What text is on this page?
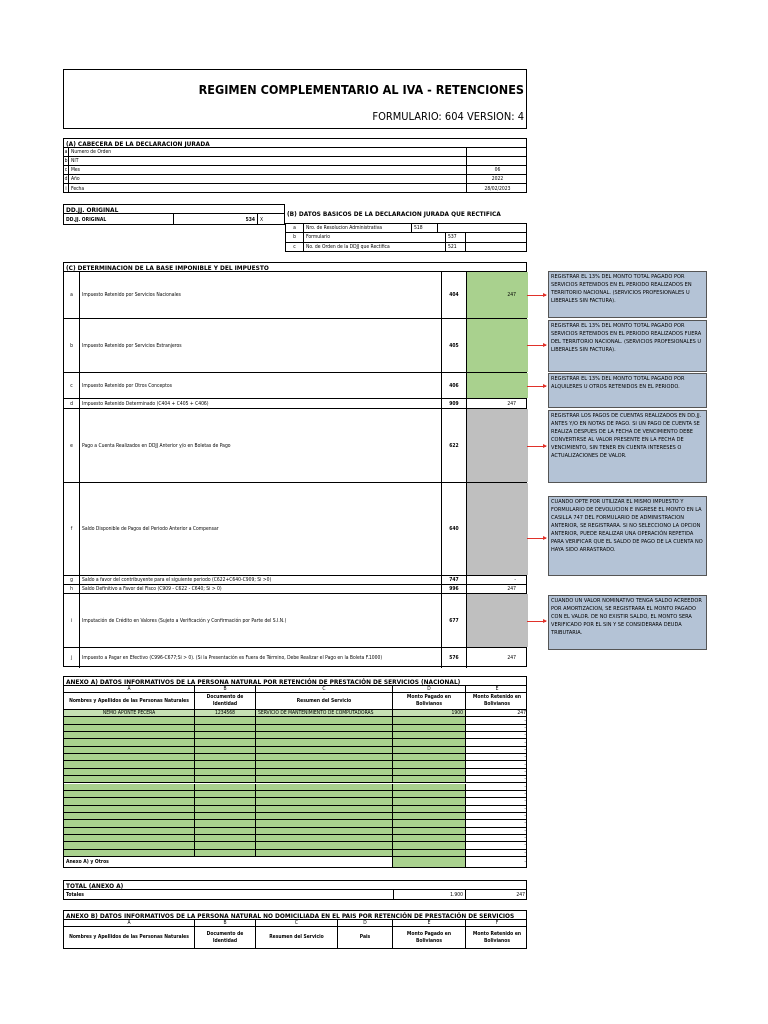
REGIMEN COMPLEMENTARIO AL IVA - RETENCIONES
FORMULARIO: 604 VERSION: 4
(A) CABECERA DE LA DECLARACION JURADA
a Numero de Orden
b NIT
c Mes	06
d Año	2022
i Fecha	28/02/2023
DD.JJ. ORIGINAL
DD.JJ. ORIGINAL	534	X
(B) DATOS BASICOS DE LA DECLARACION JURADA QUE RECTIFICA
a	Nro. de Resolucion Administrativa	518
b	Formulario	537
c	No. de Orden de la DDJJ que Rectifica	521
(C) DETERMINACION DE LA BASE IMPONIBLE Y DEL IMPUESTO
a	Impuesto Retenido por Servicios Nacionales	404	247
b	Impuesto Retenido por Servicios Estranjeros	405
c	Impuesto Retenido por Otros Conceptos	406
d	Impuesto Retenido Determinado (C404 + C405 + C406)	909	247
e	Pago a Cuenta Realizados en DDJJ Anterior y/o en Boletas de Pago	622
f	Saldo Disponible de Pagos del Periodo Anterior a Compensar	640
g	Saldo a favor del contribuyente para el siguiente periodo (C622+C640-C909; Si >0)	747	-
h	Saldo Definitivo a Favor del Fisco (C909 - C622 - C640; Si > 0)	996	247
i	Imputación de Crédito en Valores (Sujeto a Verificación y Confirmación por Parte del S.I.N.)	677
j	Impuesto a Pagar en Efectivo (C996-C677;Si > 0). (Si la Presentación es Fuera de Término, Debe Realizar el Pago en la Boleta F.1000)	576	247
REGISTRAR EL 13% DEL MONTO TOTAL PAGADO POR SERVICIOS RETENIDOS EN EL PERIODO REALIZADOS EN TERRITORIO NACIONAL. (SERVICIOS PROFESIONALES U LIBERALES SIN FACTURA).
REGISTRAR EL 13% DEL MONTO TOTAL PAGADO POR SERVICIOS RETENIDOS EN EL PERIODO REALIZADOS FUERA DEL TERRITORIO NACIONAL. (SERVICIOS PROFESIONALES U LIBERALES SIN FACTURA).
REGISTRAR EL 13% DEL MONTO TOTAL PAGADO POR ALQUILERES U OTROS RETENIDOS EN EL PERIODO.
REGISTRAR LOS PAGOS DE CUENTAS REALIZADOS EN DD.JJ. ANTES Y/O EN NOTAS DE PAGO. SI UN PAGO DE CUENTA SE REALIZA DESPUES DE LA FECHA DE VENCIMIENTO DEBE CONVERTIRSE AL VALOR PRESENTE EN LA FECHA DE VENCIMIENTO, SIN TENER EN CUENTA INTERESES O ACTUALIZACIONES DE VALOR.
CUANDO OPTE POR UTILIZAR EL MISMO IMPUESTO Y FORMULARIO DE DEVOLUCION E INGRESE EL MONTO EN LA CASILLA 747 DEL FORMULARIO DE ADMINISTRACION ANTERIOR, SE REGISTRARA. SI NO SELECCIONO LA OPCION ANTERIOR, PUEDE REALIZAR UNA OPERACIÓN REPETIDA PARA VERIFICAR QUE EL SALDO DE PAGO DE LA CUENTA NO HAYA SIDO ARRASTRADO.
CUANDO UN VALOR NOMINATIVO TENGA SALDO ACREEDOR POR AMORTIZACION, SE REGISTRARA EL MONTO PAGADO CON EL VALOR. DE NO EXISTIR SALDO, EL MONTO SERA VERIFICADO POR EL SIN Y SE CONSIDERARA DEUDA TRIBUTARIA.
ANEXO A) DATOS INFORMATIVOS DE LA PERSONA NATURAL POR RETENCIÓN DE PRESTACIÓN DE SERVICIOS (NACIONAL)
A	B	C	D	E
Nombres y Apellidos de las Personas Naturales
Documento de Identidad
Resumen del Servicio
Monto Pagado en Bolivianos
Monto Retenido en Bolivianos
NEMO APONTE PECERA	1234568	SERVICIO DE MANTENIMIENTO DE COMPUTADORAS	1900	247
-
-
-
-
-
-
-
-
-
-
-
-
-
-
-
-
-
-
-
Anexo A) y Otros	-
TOTAL (ANEXO A)
Totales	1.900	247
ANEXO B) DATOS INFORMATIVOS DE LA PERSONA NATURAL NO DOMICILIADA EN EL PAIS POR RETENCIÓN DE PRESTACIÓN DE SERVICIOS
A	B	C	D	E	F
Nombres y Apellidos de las Personas Naturales
Documento de Identidad
Resumen del Servicio	Pais
Monto Pagado en Bolivianos
Monto Retenido en Bolivianos
